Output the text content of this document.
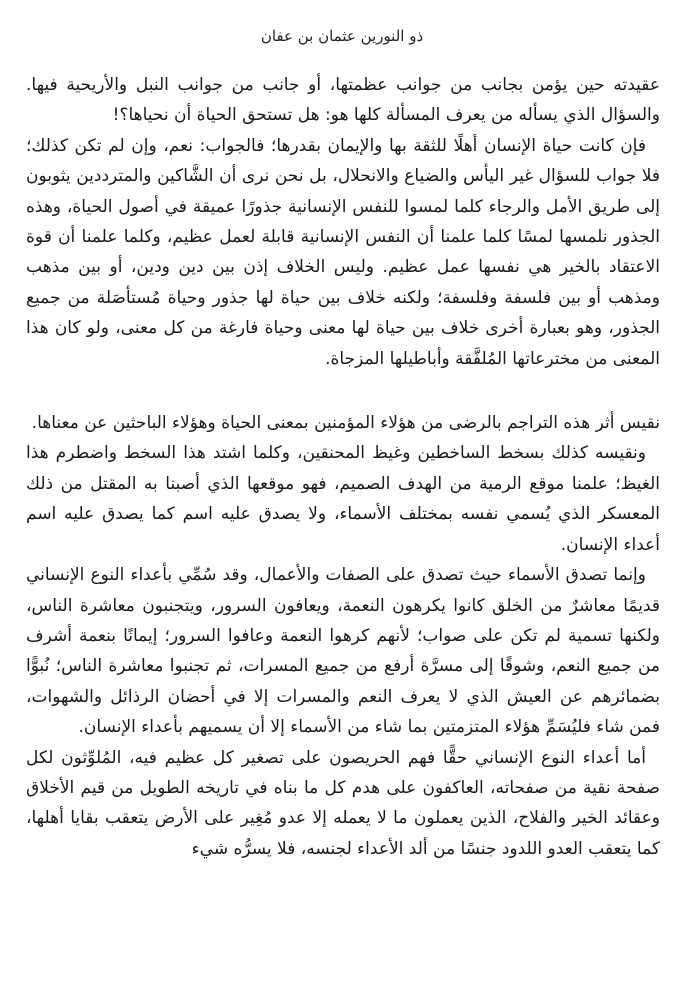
ذو النورين عثمان بن عفان

عقيدته حين يؤمن بجانب من جوانب عظمتها، أو جانب من جوانب النبل والأريحية فيها. والسؤال الذي يسأله من يعرف المسألة كلها هو: هل تستحق الحياة أن نحياها؟!

فإن كانت حياة الإنسان أهلًا للثقة بها والإيمان بقدرها؛ فالجواب: نعم، وإن لم تكن كذلك؛ فلا جواب للسؤال غير اليأس والضياع والانحلال، بل نحن نرى أن الشَّاكين والمترددين يثوبون إلى طريق الأمل والرجاء كلما لمسوا للنفس الإنسانية جذورًا عميقة في أصول الحياة، وهذه الجذور نلمسها لمسًا كلما علمنا أن النفس الإنسانية قابلة لعمل عظيم، وكلما علمنا أن قوة الاعتقاد بالخير هي نفسها عمل عظيم. وليس الخلاف إذن بين دين ودين، أو بين مذهب ومذهب أو بين فلسفة وفلسفة؛ ولكنه خلاف بين حياة لها جذور وحياة مُستأصَلة من جميع الجذور، وهو بعبارة أخرى خلاف بين حياة لها معنى وحياة فارغة من كل معنى، ولو كان هذا المعنى من مخترعاتها المُلفَّقة وأباطيلها المزجاة.

نقيس أثر هذه التراجم بالرضى من هؤلاء المؤمنين بمعنى الحياة وهؤلاء الباحثين عن معناها.

ونقيسه كذلك بسخط الساخطين وغيظ المحنقين، وكلما اشتد هذا السخط واضطرم هذا الغيظ؛ علمنا موقع الرمية من الهدف الصميم، فهو موقعها الذي أصبنا به المقتل من ذلك المعسكر الذي يُسمي نفسه بمختلف الأسماء، ولا يصدق عليه اسم كما يصدق عليه اسم أعداء الإنسان.

وإنما تصدق الأسماء حيث تصدق على الصفات والأعمال، وقد سُمِّي بأعداء النوع الإنساني قديمًا معاشرٌ من الخلق كانوا يكرهون النعمة، ويعافون السرور، ويتجنبون معاشرة الناس، ولكنها تسمية لم تكن على صواب؛ لأنهم كرهوا النعمة وعافوا السرور؛ إيمانًا بنعمة أشرف من جميع النعم، وشوقًا إلى مسرَّة أرفع من جميع المسرات، ثم تجنبوا معاشرة الناس؛ نُبوًّا بضمائرهم عن العيش الذي لا يعرف النعم والمسرات إلا في أحضان الرذائل والشهوات، فمن شاء فليُسَمِّ هؤلاء المتزمتين بما شاء من الأسماء إلا أن يسميهم بأعداء الإنسان.

أما أعداء النوع الإنساني حقًّا فهم الحريصون على تصغير كل عظيم فيه، المُلوِّثون لكل صفحة نقية من صفحاته، العاكفون على هدم كل ما بناه في تاريخه الطويل من قيم الأخلاق وعقائد الخير والفلاح، الذين يعملون ما لا يعمله إلا عدو مُغِير على الأرض يتعقب بقايا أهلها، كما يتعقب العدو اللدود جنسًا من ألد الأعداء لجنسه، فلا يسرُّه شيء
